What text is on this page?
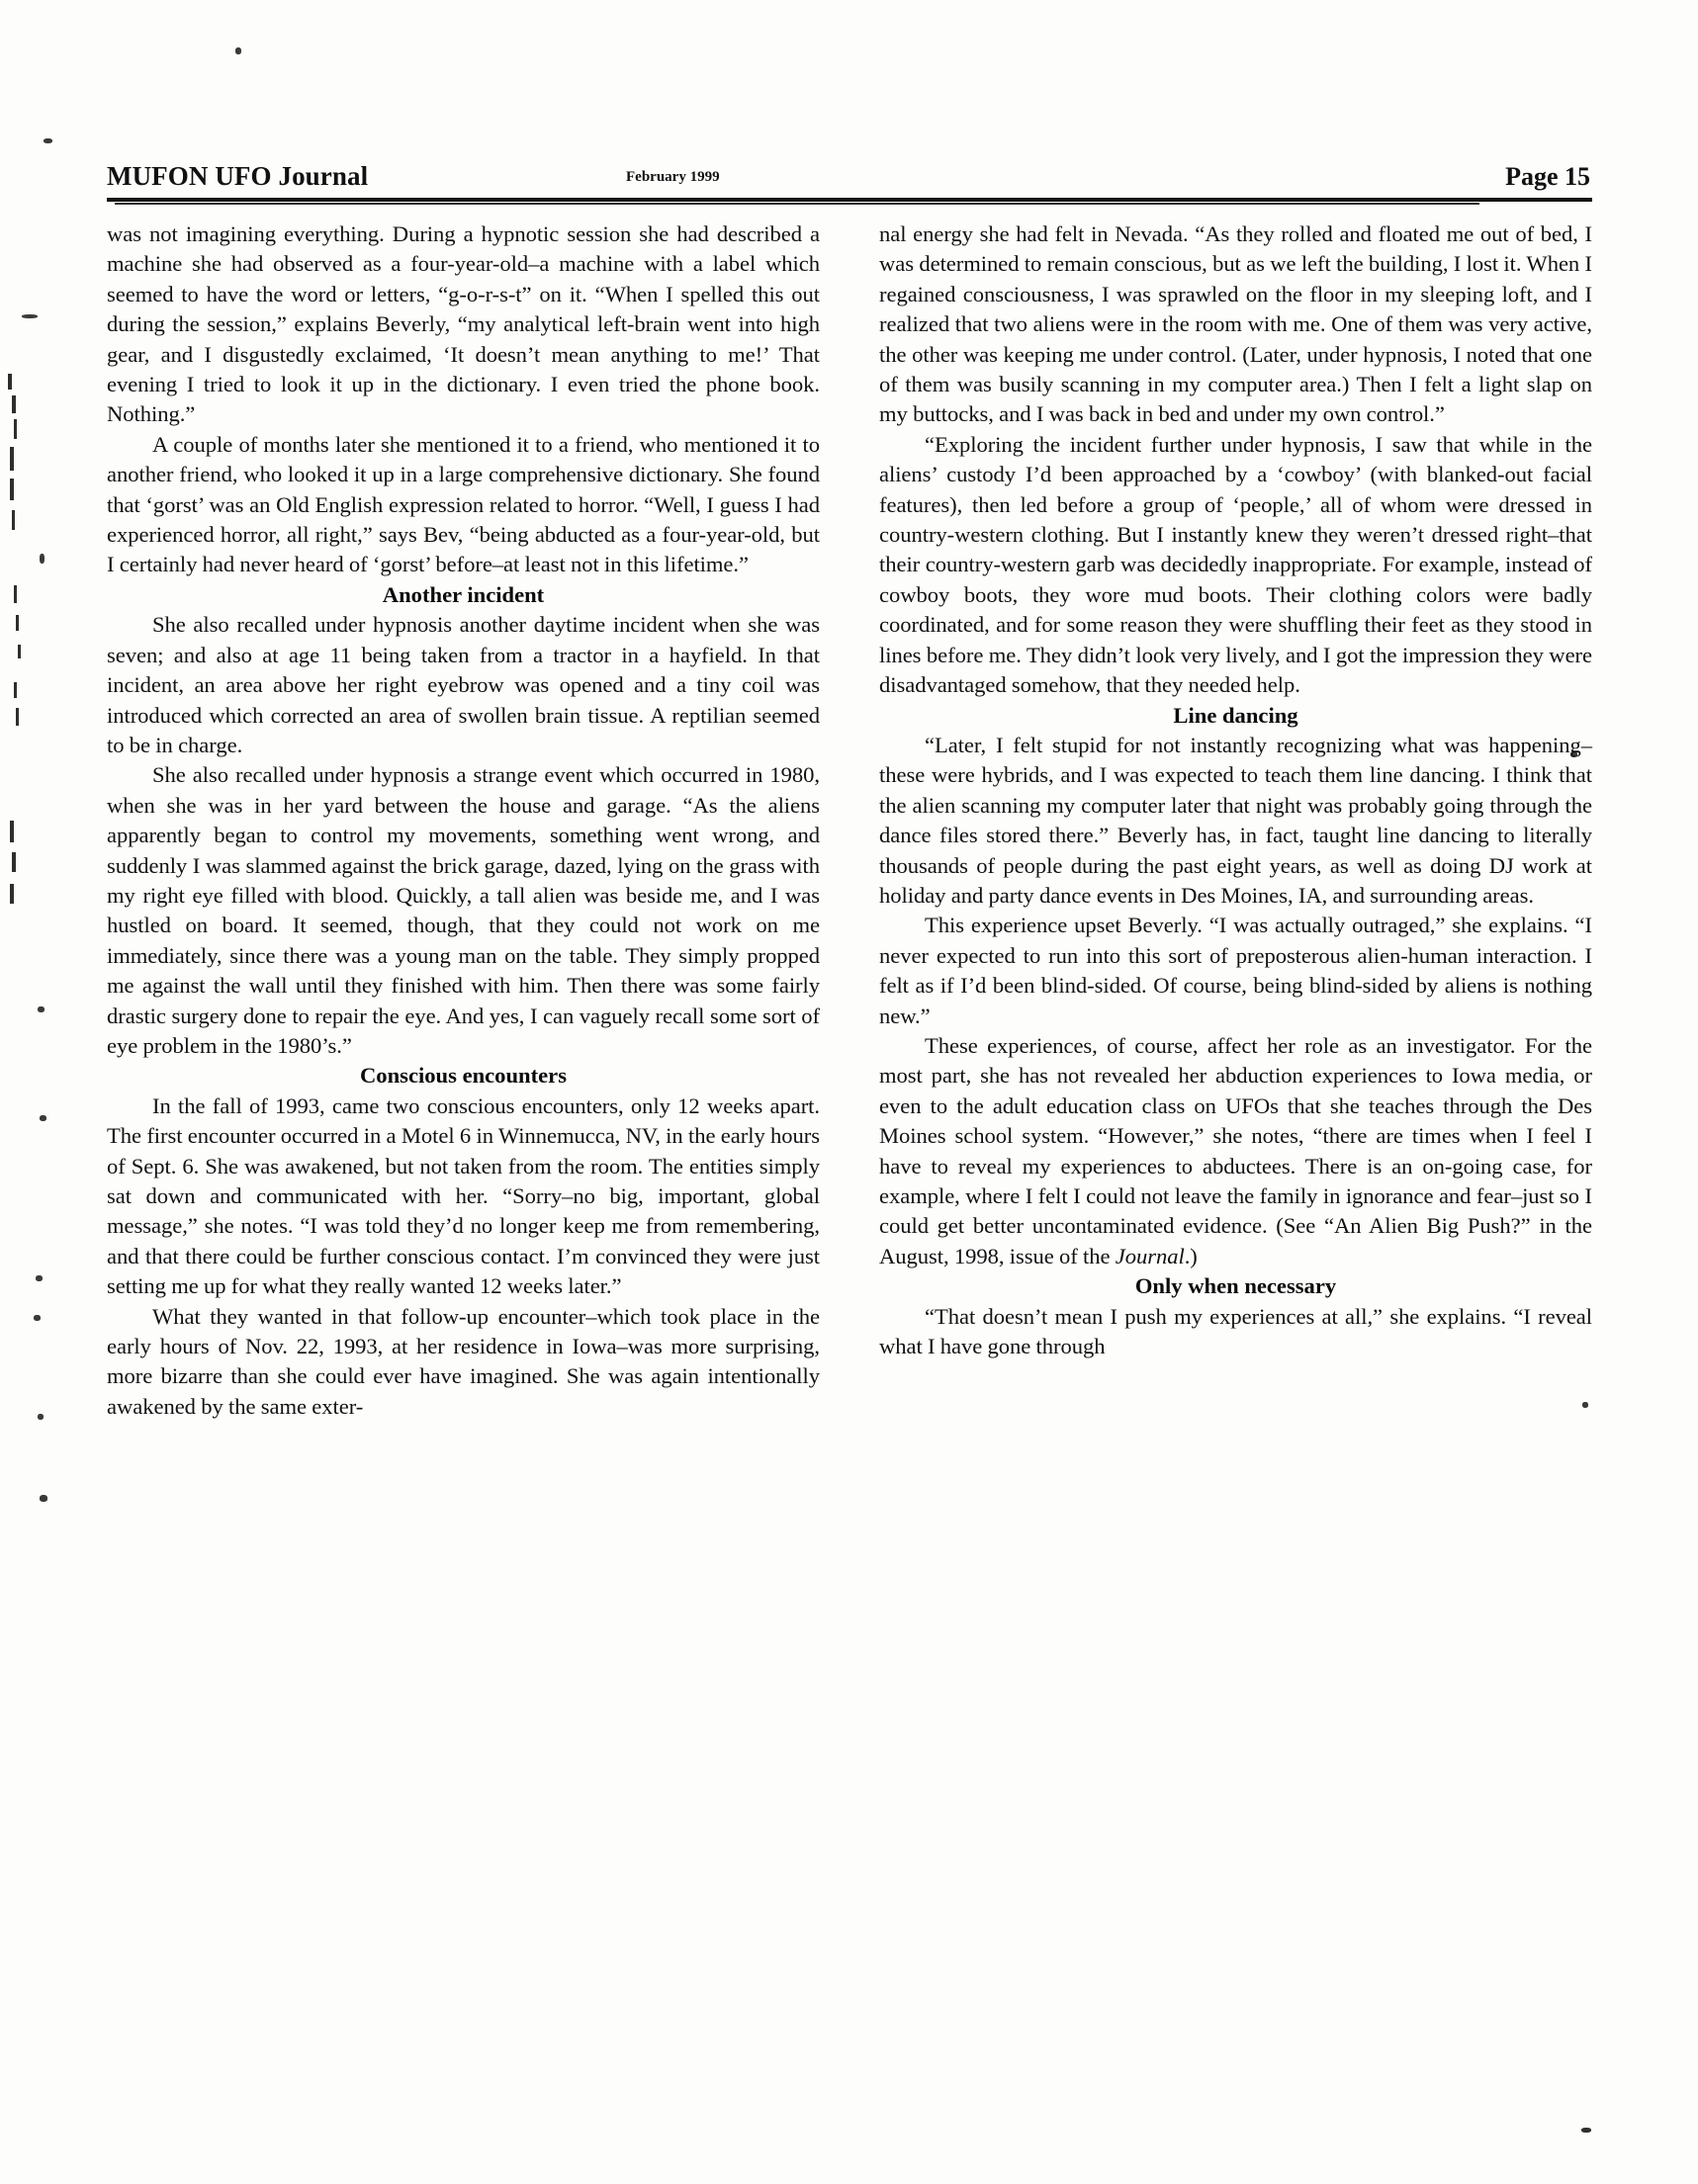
MUFON UFO Journal	February 1999	Page 15

was not imagining everything. During a hypnotic session she had described a machine she had observed as a four-year-old–a machine with a label which seemed to have the word or letters, “g-o-r-s-t” on it. “When I spelled this out during the session,” explains Beverly, “my analytical left-brain went into high gear, and I disgustedly exclaimed, ‘It doesn’t mean anything to me!’ That evening I tried to look it up in the dictionary. I even tried the phone book. Nothing.”

A couple of months later she mentioned it to a friend, who mentioned it to another friend, who looked it up in a large comprehensive dictionary. She found that ‘gorst’ was an Old English expression related to horror. “Well, I guess I had experienced horror, all right,” says Bev, “being abducted as a four-year-old, but I certainly had never heard of ‘gorst’ before–at least not in this lifetime.”

Another incident

She also recalled under hypnosis another daytime incident when she was seven; and also at age 11 being taken from a tractor in a hayfield. In that incident, an area above her right eyebrow was opened and a tiny coil was introduced which corrected an area of swollen brain tissue. A reptilian seemed to be in charge.

She also recalled under hypnosis a strange event which occurred in 1980, when she was in her yard between the house and garage. “As the aliens apparently began to control my movements, something went wrong, and suddenly I was slammed against the brick garage, dazed, lying on the grass with my right eye filled with blood. Quickly, a tall alien was beside me, and I was hustled on board. It seemed, though, that they could not work on me immediately, since there was a young man on the table. They simply propped me against the wall until they finished with him. Then there was some fairly drastic surgery done to repair the eye. And yes, I can vaguely recall some sort of eye problem in the 1980’s.”

Conscious encounters

In the fall of 1993, came two conscious encounters, only 12 weeks apart. The first encounter occurred in a Motel 6 in Winnemucca, NV, in the early hours of Sept. 6. She was awakened, but not taken from the room. The entities simply sat down and communicated with her. “Sorry–no big, important, global message,” she notes. “I was told they’d no longer keep me from remembering, and that there could be further conscious contact. I’m convinced they were just setting me up for what they really wanted 12 weeks later.”

What they wanted in that follow-up encounter–which took place in the early hours of Nov. 22, 1993, at her residence in Iowa–was more surprising, more bizarre than she could ever have imagined. She was again intentionally awakened by the same exter-

nal energy she had felt in Nevada. “As they rolled and floated me out of bed, I was determined to remain conscious, but as we left the building, I lost it. When I regained consciousness, I was sprawled on the floor in my sleeping loft, and I realized that two aliens were in the room with me. One of them was very active, the other was keeping me under control. (Later, under hypnosis, I noted that one of them was busily scanning in my computer area.) Then I felt a light slap on my buttocks, and I was back in bed and under my own control.”

“Exploring the incident further under hypnosis, I saw that while in the aliens’ custody I’d been approached by a ‘cowboy’ (with blanked-out facial features), then led before a group of ‘people,’ all of whom were dressed in country-western clothing. But I instantly knew they weren’t dressed right–that their country-western garb was decidedly inappropriate. For example, instead of cowboy boots, they wore mud boots. Their clothing colors were badly coordinated, and for some reason they were shuffling their feet as they stood in lines before me. They didn’t look very lively, and I got the impression they were disadvantaged somehow, that they needed help.

Line dancing

“Later, I felt stupid for not instantly recognizing what was happening–these were hybrids, and I was expected to teach them line dancing. I think that the alien scanning my computer later that night was probably going through the dance files stored there.” Beverly has, in fact, taught line dancing to literally thousands of people during the past eight years, as well as doing DJ work at holiday and party dance events in Des Moines, IA, and surrounding areas.

This experience upset Beverly. “I was actually outraged,” she explains. “I never expected to run into this sort of preposterous alien-human interaction. I felt as if I’d been blind-sided. Of course, being blind-sided by aliens is nothing new.”

These experiences, of course, affect her role as an investigator. For the most part, she has not revealed her abduction experiences to Iowa media, or even to the adult education class on UFOs that she teaches through the Des Moines school system. “However,” she notes, “there are times when I feel I have to reveal my experiences to abductees. There is an on-going case, for example, where I felt I could not leave the family in ignorance and fear–just so I could get better uncontaminated evidence. (See “An Alien Big Push?” in the August, 1998, issue of the Journal.)

Only when necessary

“That doesn’t mean I push my experiences at all,” she explains. “I reveal what I have gone through
